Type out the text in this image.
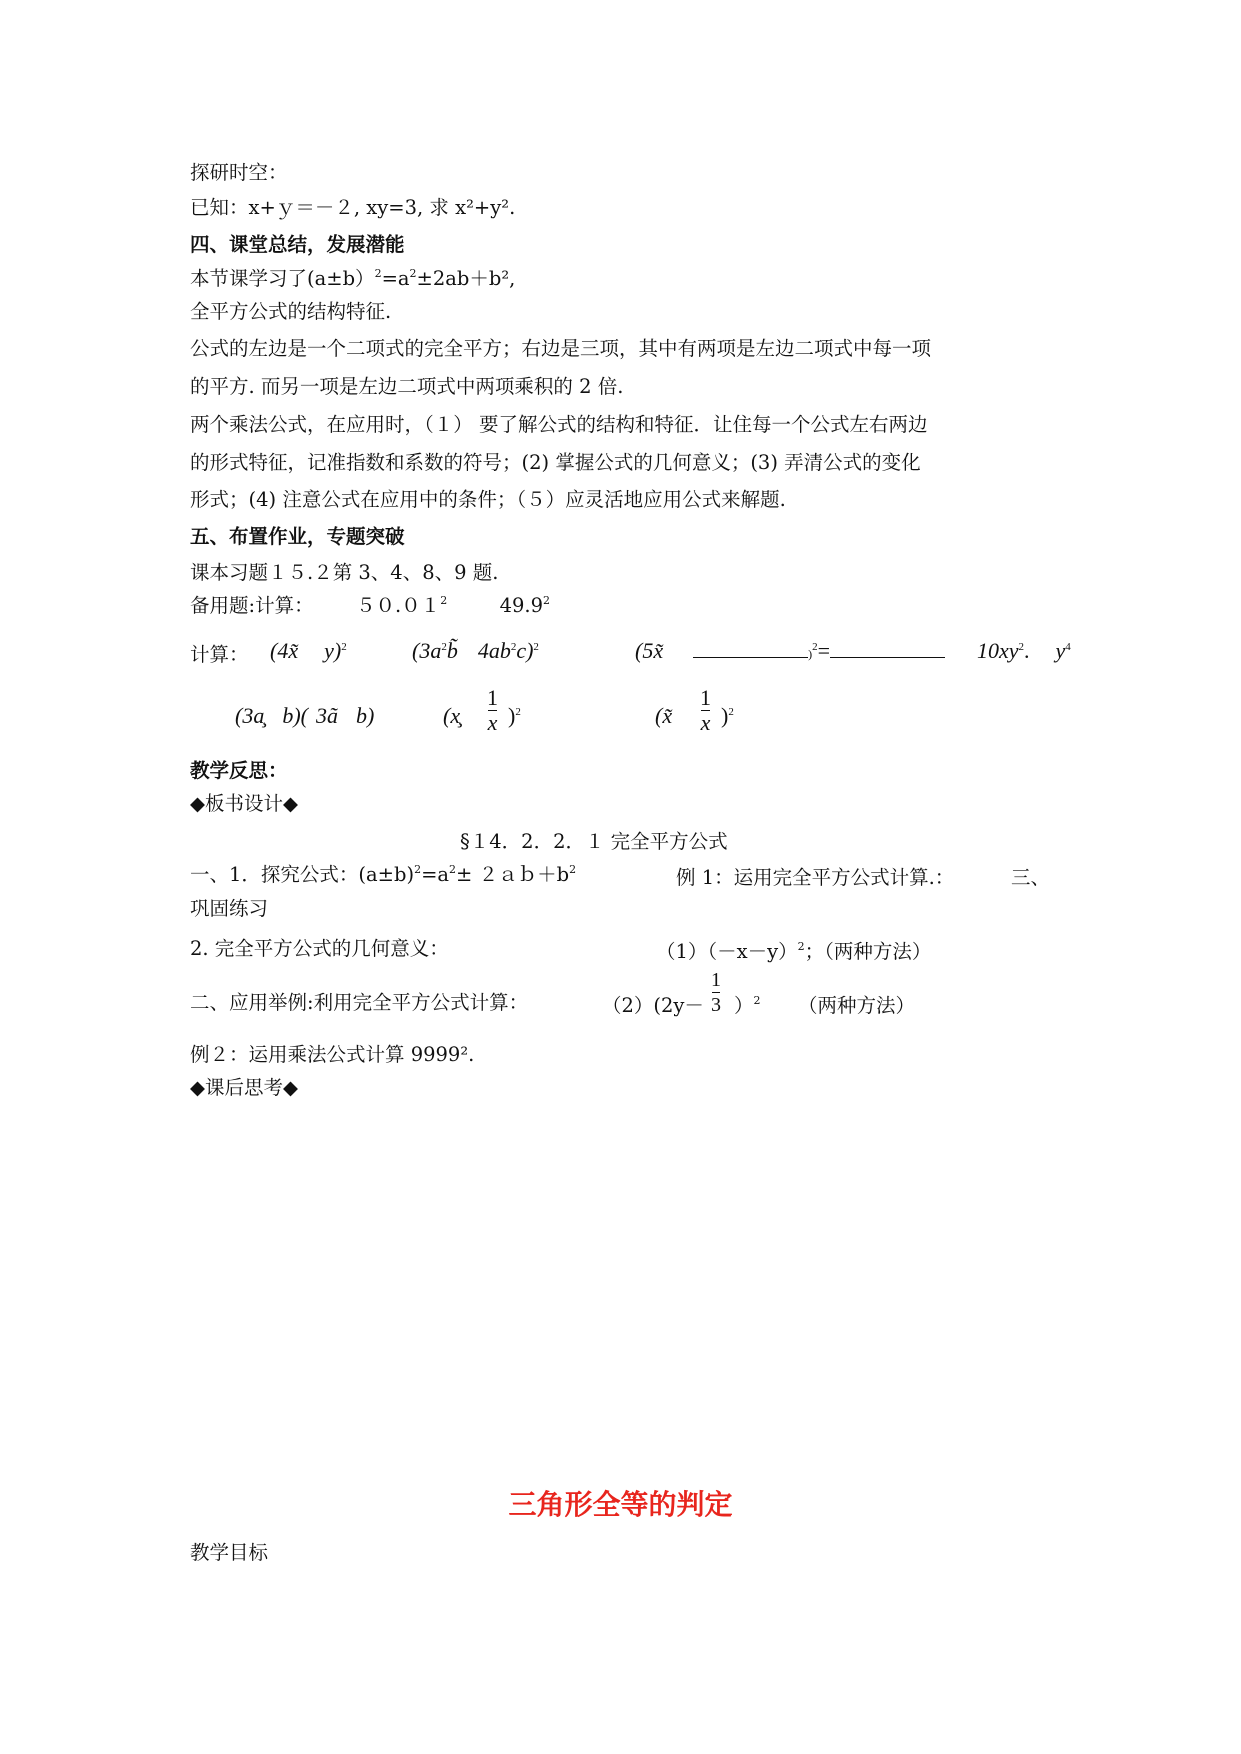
探研时空：
已知：x+ｙ＝－２, xy=3, 求 x²+y².
四、课堂总结，发展潜能
本节课学习了$(a\pm b)^2=a^2\pm 2ab+b^2$,
全平方公式的结构特征.
公式的左边是一个二项式的完全平方；右边是三项，其中有两项是左边二项式中每一项
的平方. 而另一项是左边二项式中两项乘积的 2 倍.
两个乘法公式，在应用时，（１） 要了解公式的结构和特征．让住每一个公式左右两边
的形式特征，记准指数和系数的符号；(2) 掌握公式的几何意义；(3) 弄清公式的变化
形式；(4) 注意公式在应用中的条件；（５）应灵活地应用公式来解题.
五、布置作业，专题突破
课本习题１５.２第 3、4、8、9 题.
备用题:计算： ５０.０１$^2$	49.9$^2$
计算： (4x̃ y)$^2$	($3a^2b̃$ $4ab^2c)^2$	(5x̃	)$^2$=	$10xy^2$. $y^4$
(3a̧ b)( 3ã b)	(x̧
1
x )$^2$	(x̃
1
x )$^2$
教学反思：
◆板书设计◆
§１4．2．2．１ 完全平方公式
一、1．探究公式：$(a\pm b)^2=a^2\pm$ $2ab+b^2$	例 1：运用完全平方公式计算.：	三、
巩固练习
2. 完全平方公式的几何意义：	$(1)(-x-y)^2$；（两种方法）
二、应用举例:利用完全平方公式计算：	（2）(2y－
1
3 ）$^2$ （两种方法）
例２：运用乘法公式计算 9999².
◆课后思考◆
三角形全等的判定
教学目标
